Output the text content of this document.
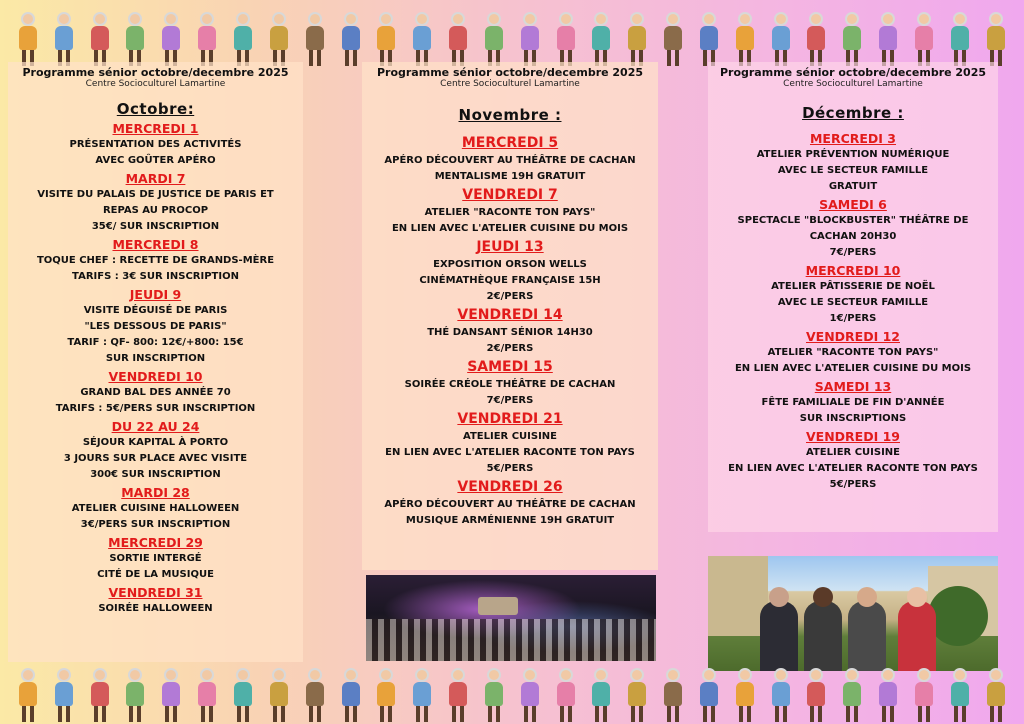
Programme sénior octobre/decembre 2025
Centre Socioculturel Lamartine
Octobre:
MERCREDI 1
PRÉSENTATION DES ACTIVITÉS
AVEC GOÛTER APÉRO
MARDI 7
VISITE DU PALAIS DE JUSTICE DE PARIS ET
REPAS AU PROCOP
35€/ SUR INSCRIPTION
MERCREDI 8
TOQUE CHEF : RECETTE DE GRANDS-MÈRE
TARIFS : 3€ SUR INSCRIPTION
JEUDI 9
VISITE DÉGUISÉ DE PARIS
"LES DESSOUS DE PARIS"
TARIF : QF- 800: 12€/+800: 15€
SUR INSCRIPTION
VENDREDI 10
GRAND BAL DES ANNÉE 70
TARIFS : 5€/PERS SUR INSCRIPTION
DU 22 AU 24
SÉJOUR KAPITAL À PORTO
3 JOURS SUR PLACE AVEC VISITE
300€ SUR INSCRIPTION
MARDI 28
ATELIER CUISINE HALLOWEEN
3€/PERS SUR INSCRIPTION
MERCREDI 29
SORTIE INTERGÉ
CITÉ DE LA MUSIQUE
VENDREDI 31
SOIRÉE HALLOWEEN
Programme sénior octobre/decembre 2025
Centre Socioculturel Lamartine
Novembre :
MERCREDI 5
APÉRO DÉCOUVERT AU THÉÂTRE DE CACHAN
MENTALISME 19H GRATUIT
VENDREDI 7
ATELIER "RACONTE TON PAYS"
EN LIEN AVEC L'ATELIER CUISINE DU MOIS
JEUDI 13
EXPOSITION ORSON WELLS
CINÉMATHÈQUE FRANÇAISE 15H
2€/PERS
VENDREDI 14
THÉ DANSANT SÉNIOR 14H30
2€/PERS
SAMEDI 15
SOIRÉE CRÉOLE THÉÂTRE DE CACHAN
7€/PERS
VENDREDI 21
ATELIER CUISINE
EN LIEN AVEC L'ATELIER RACONTE TON PAYS
5€/PERS
VENDREDI 26
APÉRO DÉCOUVERT AU THÉÂTRE DE CACHAN
MUSIQUE ARMÉNIENNE 19H GRATUIT
Programme sénior octobre/decembre 2025
Centre Socioculturel Lamartine
Décembre :
MERCREDI 3
ATELIER PRÉVENTION NUMÉRIQUE
AVEC LE SECTEUR FAMILLE
GRATUIT
SAMEDI 6
SPECTACLE "BLOCKBUSTER" THÉÂTRE DE
CACHAN 20H30
7€/PERS
MERCREDI 10
ATELIER PÂTISSERIE DE NOËL
AVEC LE SECTEUR FAMILLE
1€/PERS
VENDREDI 12
ATELIER "RACONTE TON PAYS"
EN LIEN AVEC L'ATELIER CUISINE DU MOIS
SAMEDI 13
FÊTE FAMILIALE DE FIN D'ANNÉE
SUR INSCRIPTIONS
VENDREDI 19
ATELIER CUISINE
EN LIEN AVEC L'ATELIER RACONTE TON PAYS
5€/PERS
